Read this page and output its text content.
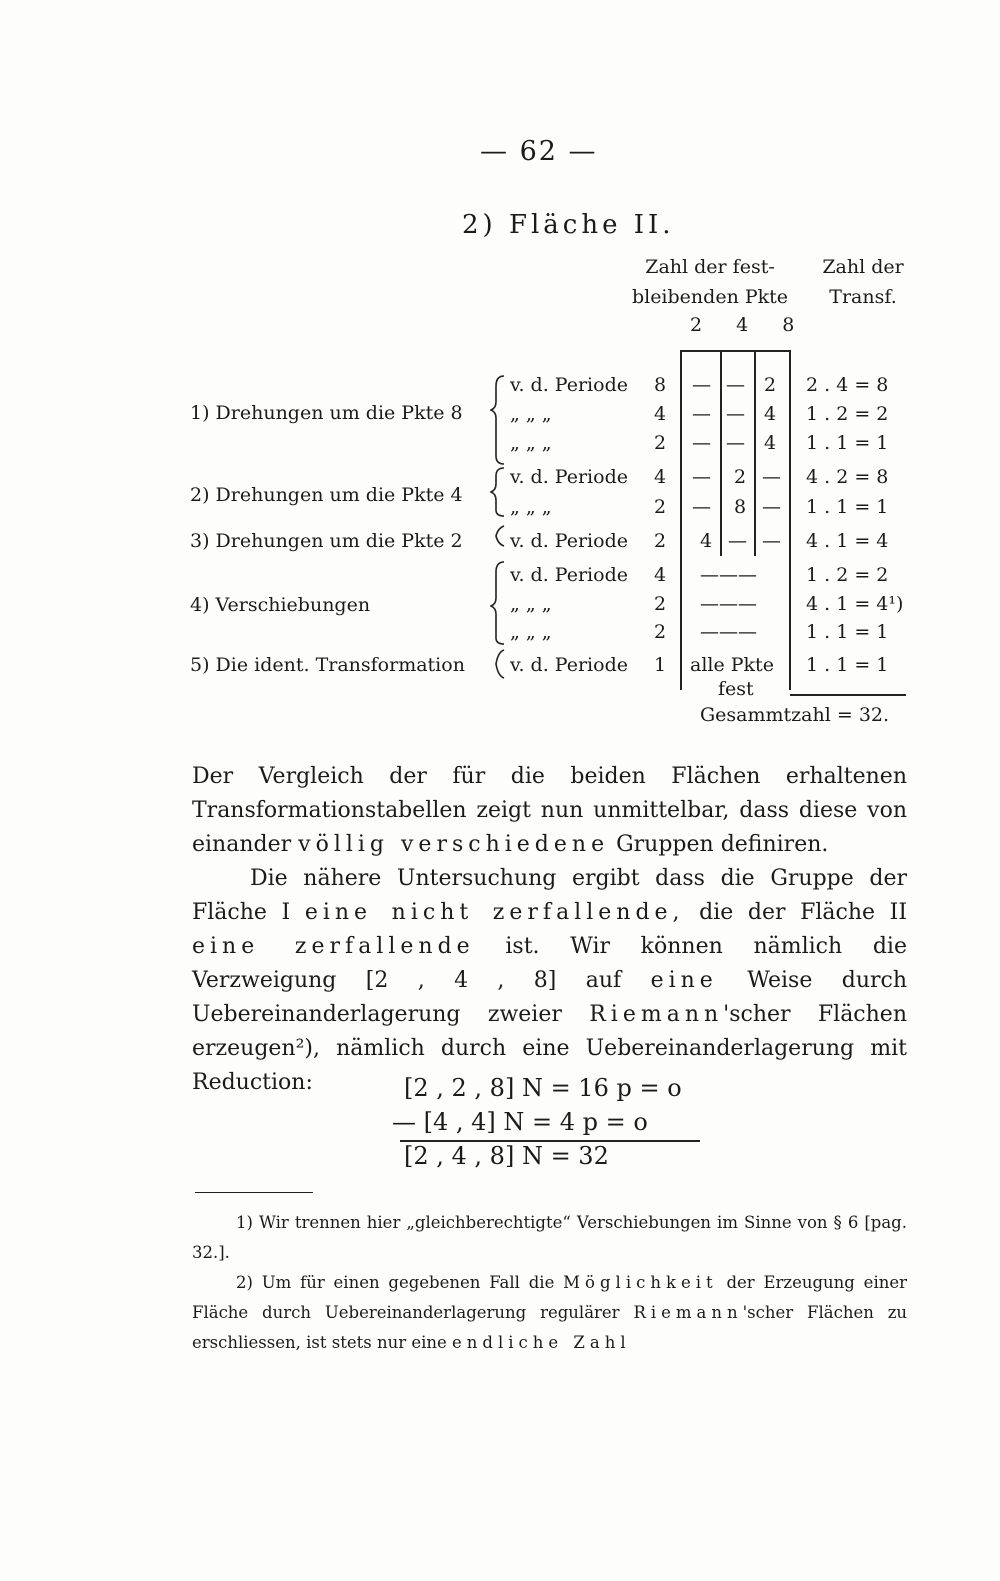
— 62 —
2) Fläche II.
Zahl der fest- bleibenden Pkte
Zahl der Transf.
2 4 8
1) Drehungen um die Pkte 8
2) Drehungen um die Pkte 4
3) Drehungen um die Pkte 2
4) Verschiebungen
5) Die ident. Transformation
v. d. Periode
„ „ „
„ „ „
v. d. Periode
„ „ „
v. d. Periode
v. d. Periode
„ „ „
„ „ „
v. d. Periode
8
4
2
4
2
2
4
2
2
1
— — 2
— — 4
— — 4
— 2 —
— 8 —
4 — —
———
———
———
alle Pkte
fest
2 . 4 = 8
1 . 2 = 2
1 . 1 = 1
4 . 2 = 8
1 . 1 = 1
4 . 1 = 4
1 . 2 = 2
4 . 1 = 4¹)
1 . 1 = 1
1 . 1 = 1
Gesammtzahl = 32.
Der Vergleich der für die beiden Flächen erhaltenen Transformationstabellen zeigt nun unmittelbar, dass diese von einander völlig verschiedene Gruppen definiren.
Die nähere Untersuchung ergibt dass die Gruppe der Fläche I eine nicht zerfallende, die der Fläche II eine zerfallende ist. Wir können nämlich die Verzweigung [2 , 4 , 8] auf eine Weise durch Uebereinanderlagerung zweier Riemann'scher Flächen erzeugen²), nämlich durch eine Uebereinanderlagerung mit Reduction:	[2 , 2 , 8] N = 16 p = o
— [4 , 4] N = 4 p = o
[2 , 4 , 8] N = 32
1) Wir trennen hier „gleichberechtigte“ Verschiebungen im Sinne von § 6 [pag. 32.].
2) Um für einen gegebenen Fall die Möglichkeit der Erzeugung einer Fläche durch Uebereinanderlagerung regulärer Riemann'scher Flächen zu erschliessen, ist stets nur eine endliche Zahl
